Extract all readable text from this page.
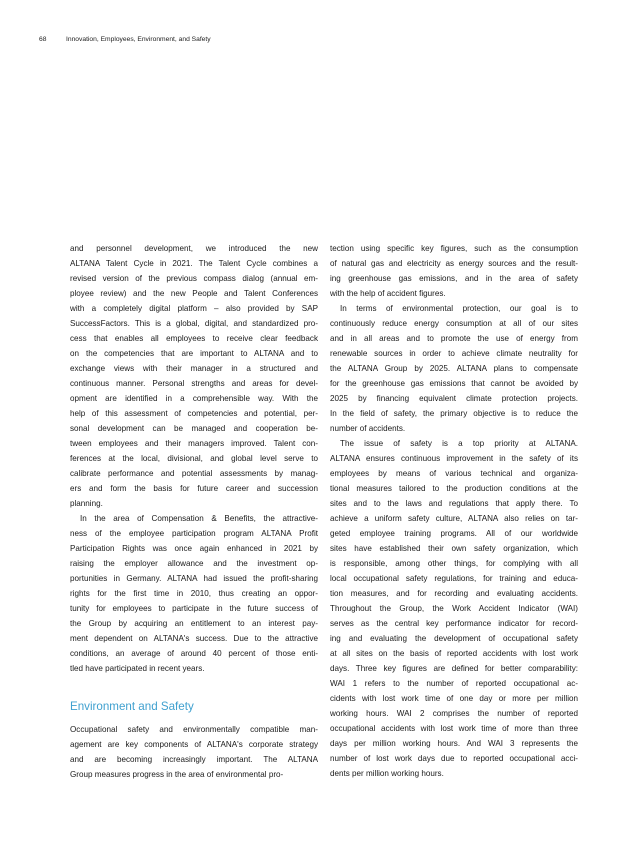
68	Innovation, Employees, Environment, and Safety
and personnel development, we introduced the new
ALTANA Talent Cycle in 2021. The Talent Cycle combines a
revised version of the previous compass dialog (annual em-
ployee review) and the new People and Talent Conferences
with a completely digital platform – also provided by SAP
SuccessFactors. This is a global, digital, and standardized pro-
cess that enables all employees to receive clear feedback
on the competencies that are important to ALTANA and to
exchange views with their manager in a structured and
continuous manner. Personal strengths and areas for devel-
opment are identified in a comprehensible way. With the
help of this assessment of competencies and potential, per-
sonal development can be managed and cooperation be-
tween employees and their managers improved. Talent con-
ferences at the local, divisional, and global level serve to
calibrate performance and potential assessments by manag-
ers and form the basis for future career and succession
planning.
In the area of Compensation & Benefits, the attractive-
ness of the employee participation program ALTANA Profit
Participation Rights was once again enhanced in 2021 by
raising the employer allowance and the investment op-
portunities in Germany. ALTANA had issued the profit-sharing
rights for the first time in 2010, thus creating an oppor-
tunity for employees to participate in the future success of
the Group by acquiring an entitlement to an interest pay-
ment dependent on ALTANA's success. Due to the attractive
conditions, an average of around 40 percent of those enti-
tled have participated in recent years.
Environment and Safety
Occupational safety and environmentally compatible man-
agement are key components of ALTANA's corporate strategy
and are becoming increasingly important. The ALTANA
Group measures progress in the area of environmental pro-
tection using specific key figures, such as the consumption
of natural gas and electricity as energy sources and the result-
ing greenhouse gas emissions, and in the area of safety
with the help of accident figures.
In terms of environmental protection, our goal is to
continuously reduce energy consumption at all of our sites
and in all areas and to promote the use of energy from
renewable sources in order to achieve climate neutrality for
the ALTANA Group by 2025. ALTANA plans to compensate
for the greenhouse gas emissions that cannot be avoided by
2025 by financing equivalent climate protection projects.
In the field of safety, the primary objective is to reduce the
number of accidents.
The issue of safety is a top priority at ALTANA.
ALTANA ensures continuous improvement in the safety of its
employees by means of various technical and organiza-
tional measures tailored to the production conditions at the
sites and to the laws and regulations that apply there. To
achieve a uniform safety culture, ALTANA also relies on tar-
geted employee training programs. All of our worldwide
sites have established their own safety organization, which
is responsible, among other things, for complying with all
local occupational safety regulations, for training and educa-
tion measures, and for recording and evaluating accidents.
Throughout the Group, the Work Accident Indicator (WAI)
serves as the central key performance indicator for record-
ing and evaluating the development of occupational safety
at all sites on the basis of reported accidents with lost work
days. Three key figures are defined for better comparability:
WAI 1 refers to the number of reported occupational ac-
cidents with lost work time of one day or more per million
working hours. WAI 2 comprises the number of reported
occupational accidents with lost work time of more than three
days per million working hours. And WAI 3 represents the
number of lost work days due to reported occupational acci-
dents per million working hours.
